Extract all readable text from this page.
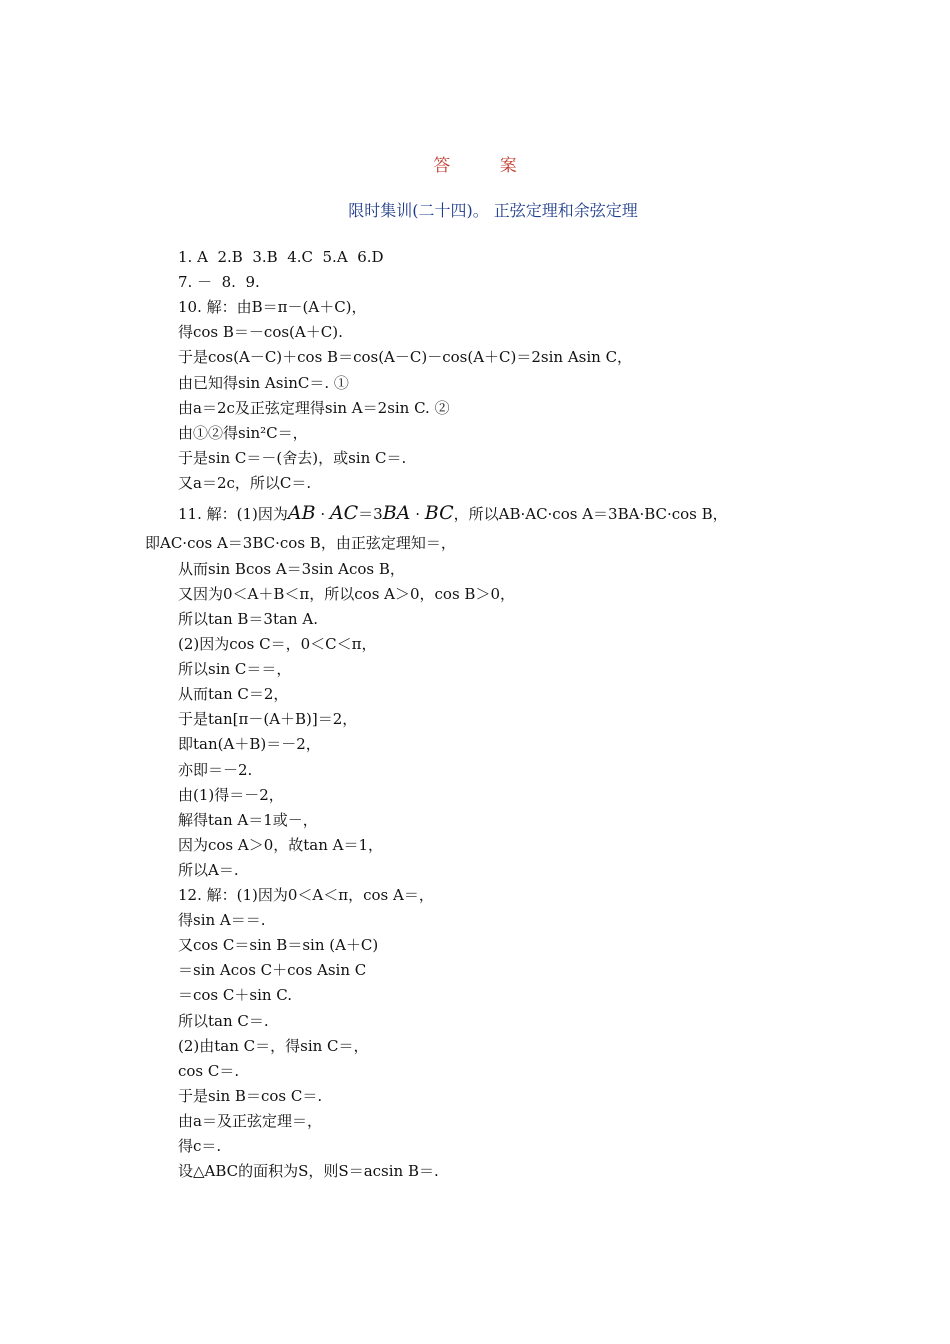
答 案
限时集训(二十四)。 正弦定理和余弦定理
1. A  2.B  3.B  4.C  5.A  6.D
7. －  8.  9.
10. 解：由B＝π－(A＋C)，
得cos B＝－cos(A＋C).
于是cos(A－C)＋cos B＝cos(A－C)－cos(A＋C)＝2sin Asin C，
由已知得sin AsinC＝. ①
由a＝2c及正弦定理得sin A＝2sin C. ②
由①②得sin²C＝，
于是sin C＝－(舍去)，或sin C＝.
又a＝2c，所以C＝.
11. 解：(1)因为AB · AC＝3BA · BC，所以AB·AC·cos A＝3BA·BC·cos B，
即AC·cos A＝3BC·cos B，由正弦定理知＝，
从而sin Bcos A＝3sin Acos B，
又因为0＜A＋B＜π，所以cos A＞0，cos B＞0，
所以tan B＝3tan A.
(2)因为cos C＝，0＜C＜π，
所以sin C＝＝，
从而tan C＝2，
于是tan[π－(A＋B)]＝2，
即tan(A＋B)＝－2，
亦即＝－2.
由(1)得＝－2，
解得tan A＝1或－，
因为cos A＞0，故tan A＝1，
所以A＝.
12. 解：(1)因为0＜A＜π，cos A＝，
得sin A＝＝.
又cos C＝sin B＝sin (A＋C)
＝sin Acos C＋cos Asin C
＝cos C＋sin C.
所以tan C＝.
(2)由tan C＝，得sin C＝，
cos C＝.
于是sin B＝cos C＝.
由a＝及正弦定理＝，
得c＝.
设△ABC的面积为S，则S＝acsin B＝.
